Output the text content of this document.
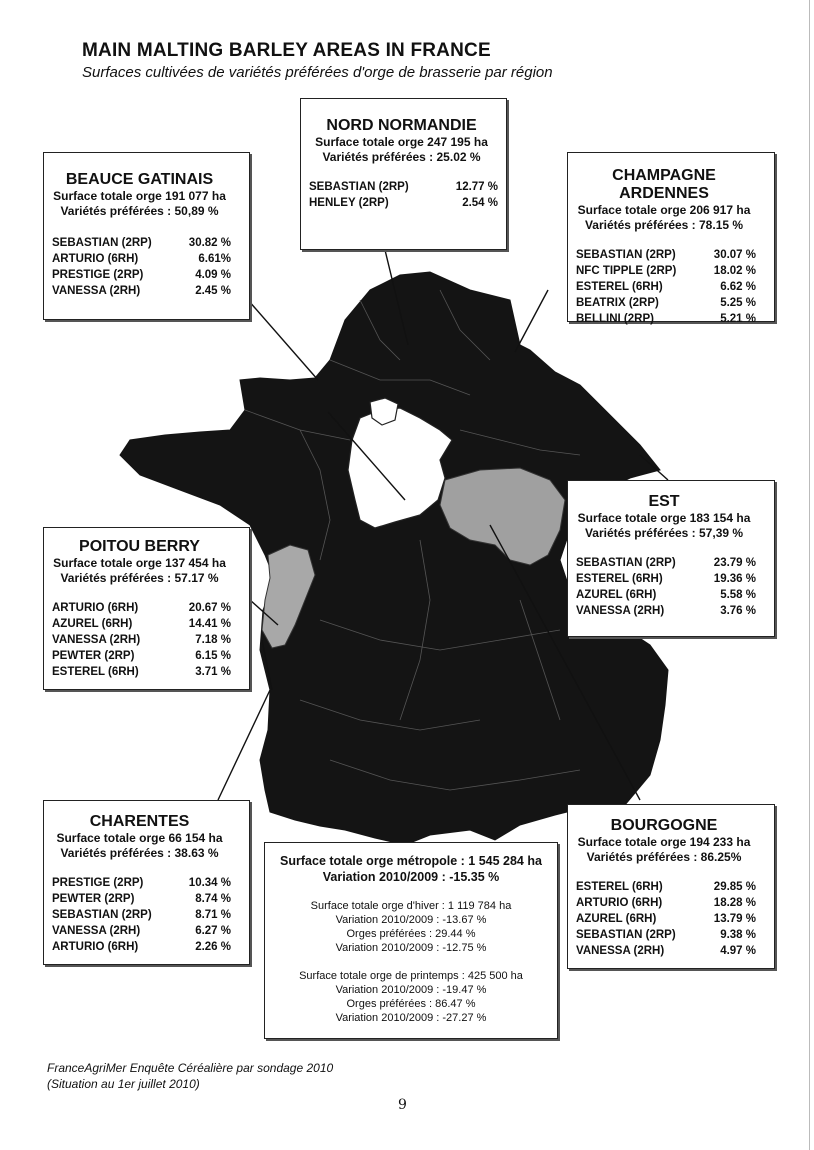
MAIN MALTING BARLEY AREAS IN FRANCE
Surfaces cultivées de variétés préférées d'orge de brasserie par région
NORD NORMANDIE
Surface totale orge 247 195 ha
Variétés préférées : 25.02 %
SEBASTIAN (2RP)	12.77 %
HENLEY (2RP)	2.54 %
BEAUCE GATINAIS
Surface totale orge 191 077 ha
Variétés préférées : 50,89 %
SEBASTIAN (2RP)	30.82 %
ARTURIO (6RH)	6.61%
PRESTIGE (2RP)	4.09 %
VANESSA (2RH)	2.45 %
CHAMPAGNE ARDENNES
Surface totale orge 206 917 ha
Variétés préférées : 78.15 %
SEBASTIAN (2RP)	30.07 %
NFC TIPPLE (2RP)	18.02 %
ESTEREL (6RH)	6.62 %
BEATRIX (2RP)	5.25 %
BELLINI (2RP)	5.21 %
EST
Surface totale orge 183 154 ha
Variétés préférées : 57,39 %
SEBASTIAN (2RP)	23.79 %
ESTEREL (6RH)	19.36 %
AZUREL (6RH)	5.58 %
VANESSA (2RH)	3.76 %
POITOU BERRY
Surface totale orge 137 454 ha
Variétés préférées : 57.17 %
ARTURIO (6RH)	20.67 %
AZUREL (6RH)	14.41 %
VANESSA (2RH)	7.18 %
PEWTER (2RP)	6.15 %
ESTEREL (6RH)	3.71 %
CHARENTES
Surface totale orge 66 154 ha
Variétés préférées : 38.63 %
PRESTIGE (2RP)	10.34 %
PEWTER (2RP)	8.74 %
SEBASTIAN (2RP)	8.71 %
VANESSA (2RH)	6.27 %
ARTURIO (6RH)	2.26 %
BOURGOGNE
Surface totale orge 194 233 ha
Variétés préférées : 86.25%
ESTEREL (6RH)	29.85 %
ARTURIO (6RH)	18.28 %
AZUREL (6RH)	13.79 %
SEBASTIAN (2RP)	9.38 %
VANESSA (2RH)	4.97 %
Surface totale orge métropole : 1 545 284 ha
Variation 2010/2009 : -15.35 %
Surface totale orge d'hiver : 1 119 784 ha
Variation 2010/2009 : -13.67 %
Orges préférées : 29.44 %
Variation 2010/2009 : -12.75 %
Surface totale orge de printemps : 425 500 ha
Variation 2010/2009 : -19.47 %
Orges préférées : 86.47 %
Variation 2010/2009 : -27.27 %
FranceAgriMer Enquête Céréalière par sondage 2010
(Situation au 1er juillet 2010)
9
